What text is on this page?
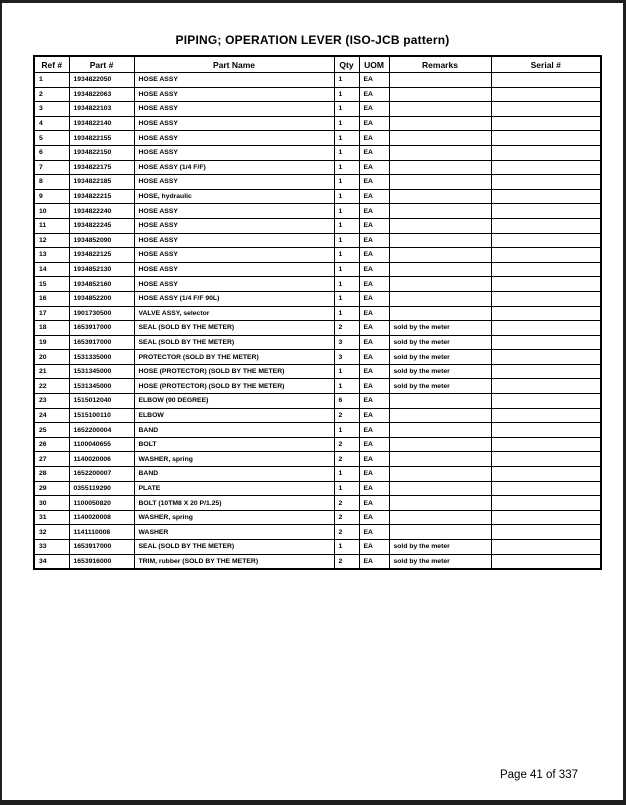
PIPING; OPERATION LEVER (ISO-JCB pattern)
Ref #	Part #	Part Name	Qty	UOM	Remarks	Serial #
1	1934822050	HOSE ASSY	1	EA		
2	1934822063	HOSE ASSY	1	EA		
3	1934822103	HOSE ASSY	1	EA		
4	1934822140	HOSE ASSY	1	EA		
5	1934822155	HOSE ASSY	1	EA		
6	1934822150	HOSE ASSY	1	EA		
7	1934822175	HOSE ASSY (1/4 F/F)	1	EA		
8	1934822185	HOSE ASSY	1	EA		
9	1934822215	HOSE, hydraulic	1	EA		
10	1934822240	HOSE ASSY	1	EA		
11	1934822245	HOSE ASSY	1	EA		
12	1934852090	HOSE ASSY	1	EA		
13	1934822125	HOSE ASSY	1	EA		
14	1934852130	HOSE ASSY	1	EA		
15	1934852160	HOSE ASSY	1	EA		
16	1934852200	HOSE ASSY (1/4 F/F 90L)	1	EA		
17	1901730500	VALVE ASSY, selector	1	EA		
18	1653917000	SEAL (SOLD BY THE METER)	2	EA	sold by the meter	
19	1653917000	SEAL (SOLD BY THE METER)	3	EA	sold by the meter	
20	1531335000	PROTECTOR (SOLD BY THE METER)	3	EA	sold by the meter	
21	1531345000	HOSE (PROTECTOR) (SOLD BY THE METER)	1	EA	sold by the meter	
22	1531345000	HOSE (PROTECTOR) (SOLD BY THE METER)	1	EA	sold by the meter	
23	1515012040	ELBOW (90 DEGREE)	6	EA		
24	1515100110	ELBOW	2	EA		
25	1652200004	BAND	1	EA		
26	1100040655	BOLT	2	EA		
27	1140020006	WASHER, spring	2	EA		
28	1652200007	BAND	1	EA		
29	0355119290	PLATE	1	EA		
30	1100050820	BOLT (10TM8 X 20 P/1.25)	2	EA		
31	1140020008	WASHER, spring	2	EA		
32	1141110008	WASHER	2	EA		
33	1653917000	SEAL (SOLD BY THE METER)	1	EA	sold by the meter	
34	1653916000	TRIM, rubber (SOLD BY THE METER)	2	EA	sold by the meter	
Page 41 of 337
